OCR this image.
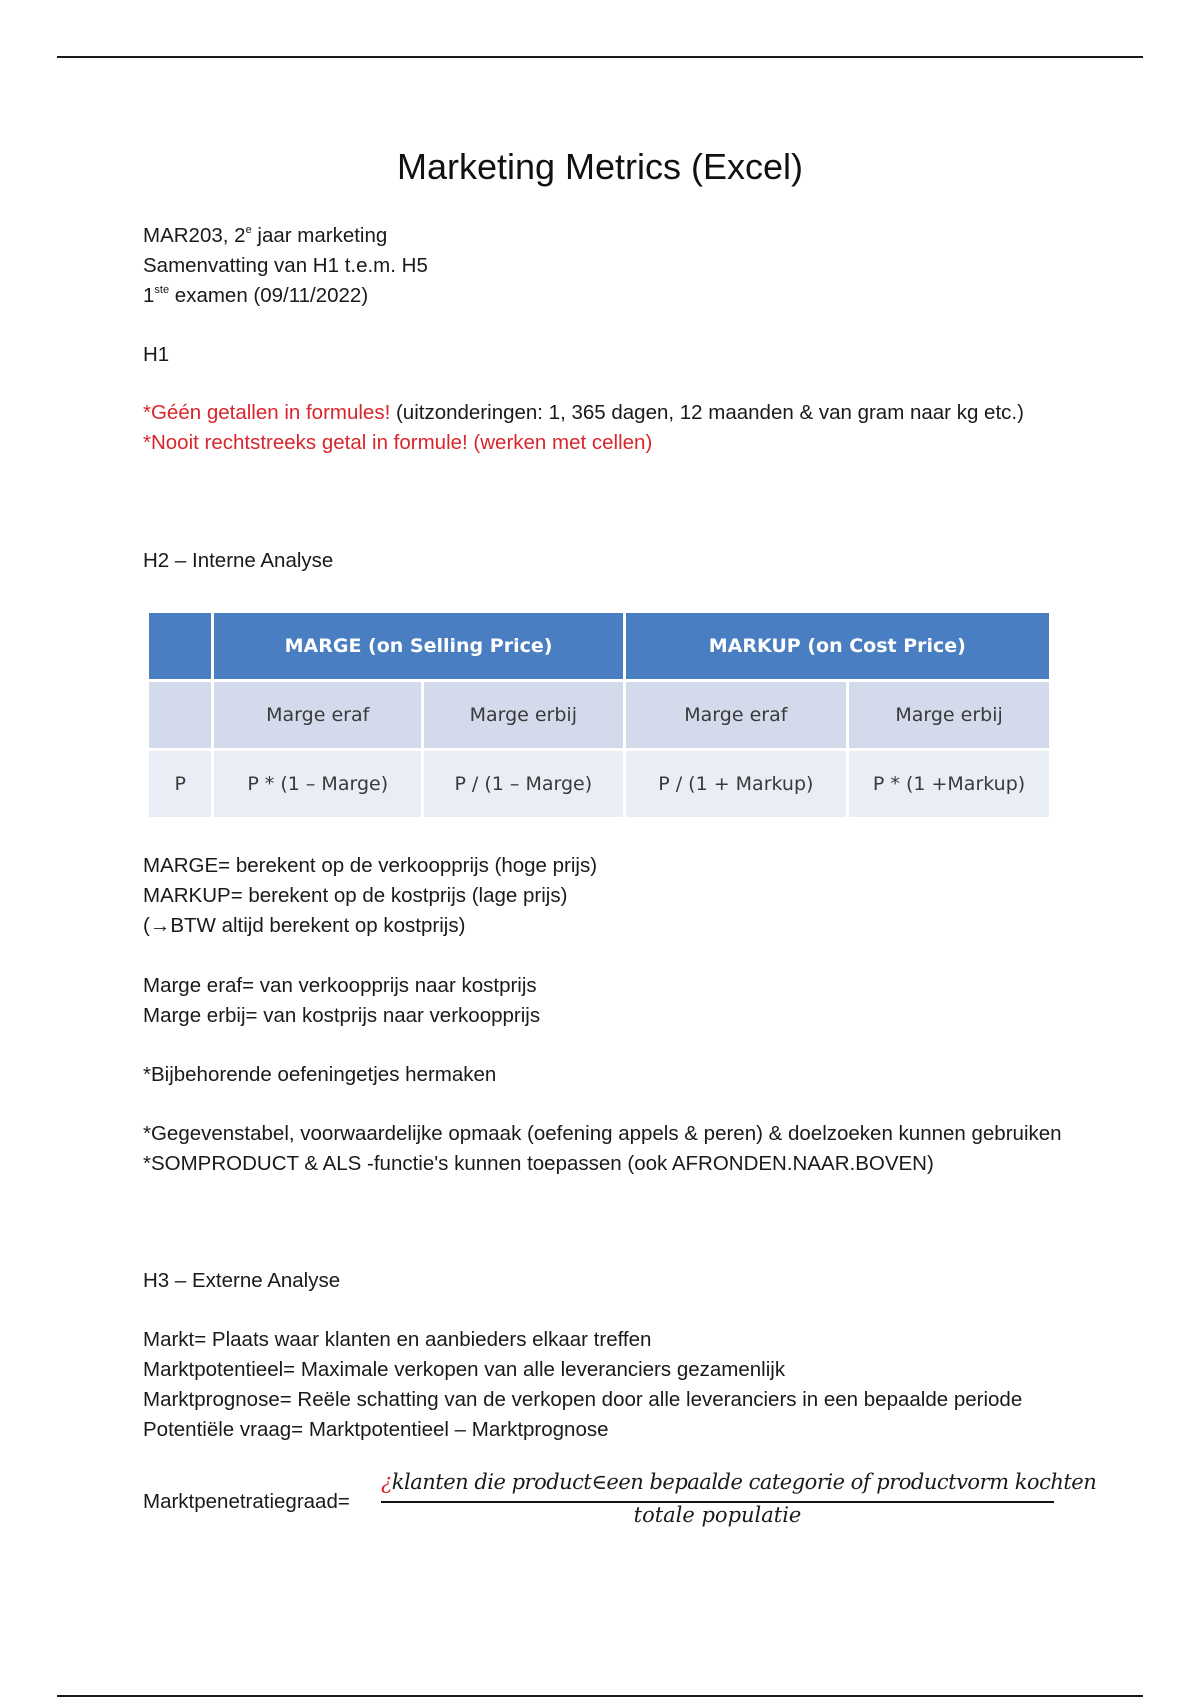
Marketing Metrics (Excel)

MAR203, 2e jaar marketing

Samenvatting van H1 t.e.m. H5

1ste examen (09/11/2022)

H1

*Géén getallen in formules! (uitzonderingen: 1, 365 dagen, 12 maanden & van gram naar kg etc.)

*Nooit rechtstreeks getal in formule! (werken met cellen)

H2 – Interne Analyse
	MARGE (on Selling Price)		MARKUP (on Cost Price)	
	Marge eraf	Marge erbij	Marge eraf	Marge erbij
P	P * (1 – Marge)	P / (1 – Marge)	P / (1 + Markup)	P * (1 +Markup)

MARGE= berekent op de verkoopprijs (hoge prijs)

MARKUP= berekent op de kostprijs (lage prijs)

(→BTW altijd berekent op kostprijs)

Marge eraf= van verkoopprijs naar kostprijs

Marge erbij= van kostprijs naar verkoopprijs

*Bijbehorende oefeningetjes hermaken

*Gegevenstabel, voorwaardelijke opmaak (oefening appels & peren) & doelzoeken kunnen gebruiken

*SOMPRODUCT & ALS -functie's kunnen toepassen (ook AFRONDEN.NAAR.BOVEN)

H3 – Externe Analyse

Markt= Plaats waar klanten en aanbieders elkaar treffen

Marktpotentieel= Maximale verkopen van alle leveranciers gezamenlijk

Marktprognose= Reële schatting van de verkopen door alle leveranciers in een bepaalde periode

Potentiële vraag= Marktpotentieel – Marktprognose

Marktpenetratiegraad=
¿klanten die product∈een bepaalde categorie of productvorm kochten
totale populatie
